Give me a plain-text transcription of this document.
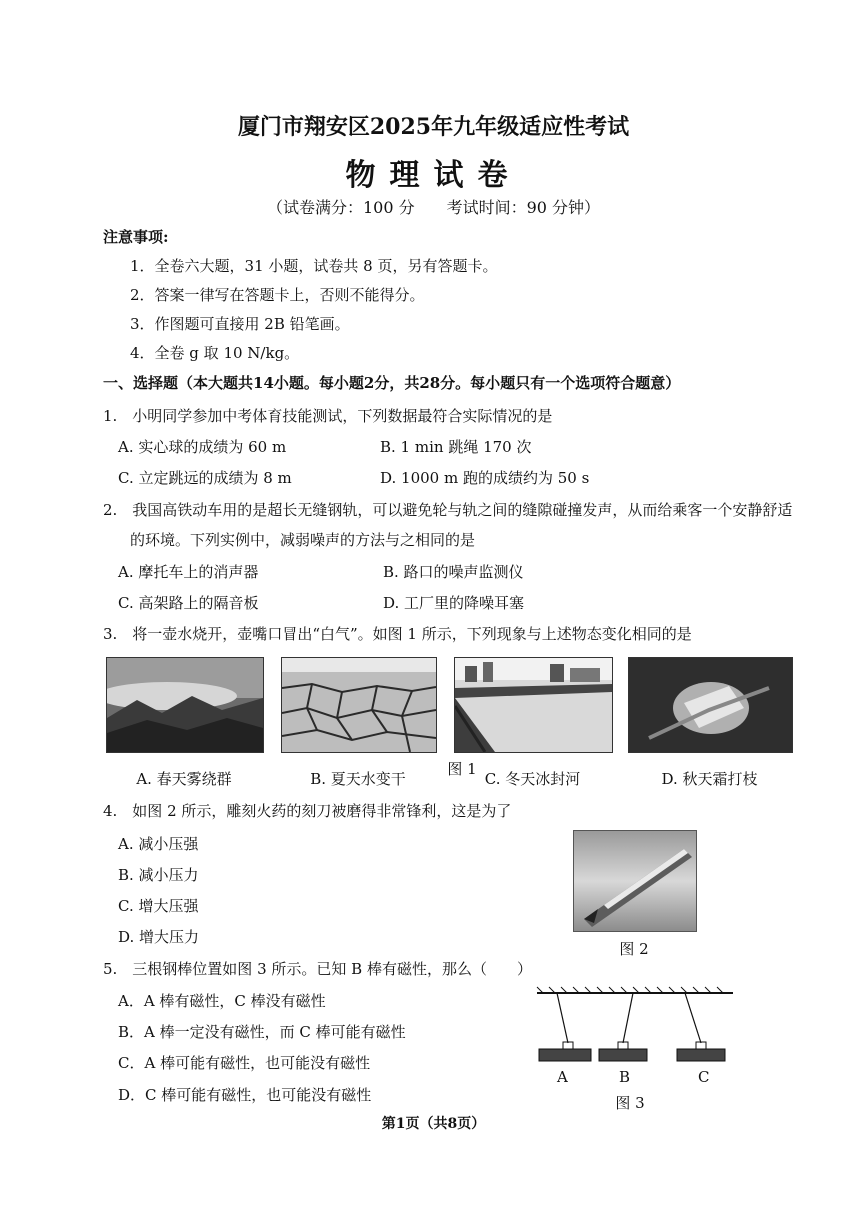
厦门市翔安区2025年九年级适应性考试
物理试卷
（试卷满分：100 分　　考试时间：90 分钟）
注意事项:
1．全卷六大题，31 小题，试卷共 8 页，另有答题卡。
2．答案一律写在答题卡上，否则不能得分。
3．作图题可直接用 2B 铅笔画。
4．全卷 g 取 10 N/kg。
一、选择题（本大题共14小题。每小题2分，共28分。每小题只有一个选项符合题意）
1.　小明同学参加中考体育技能测试，下列数据最符合实际情况的是
A. 实心球的成绩为 60 m	B. 1 min 跳绳 170 次
C. 立定跳远的成绩为 8 m	D. 1000 m 跑的成绩约为 50 s
2.　我国高铁动车用的是超长无缝钢轨，可以避免轮与轨之间的缝隙碰撞发声，从而给乘客一个安静舒适
的环境。下列实例中，减弱噪声的方法与之相同的是
A. 摩托车上的消声器	B. 路口的噪声监测仪
C. 高架路上的隔音板	D. 工厂里的降噪耳塞
3.　将一壶水烧开，壶嘴口冒出“白气”。如图 1 所示，下列现象与上述物态变化相同的是
A. 春天雾绕群	B. 夏天水变干
图 1
C. 冬天冰封河	D. 秋天霜打枝
4.　如图 2 所示，雕刻火药的刻刀被磨得非常锋利，这是为了
A. 减小压强
B. 减小压力
C. 增大压强
D. 增大压力
图 2
5.　三根钢棒位置如图 3 所示。已知 B 棒有磁性，那么（　　）
A．A 棒有磁性，C 棒没有磁性
B．A 棒一定没有磁性，而 C 棒可能有磁性
C．A 棒可能有磁性，也可能没有磁性
D．C 棒可能有磁性，也可能没有磁性
A	B	C
图 3
第1页（共8页）
